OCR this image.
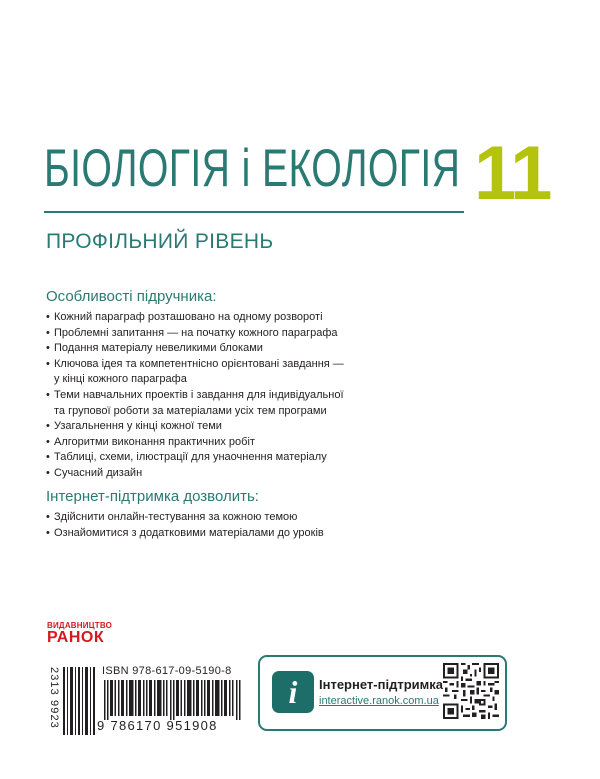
БІОЛОГІЯ і ЕКОЛОГІЯ 11
ПРОФІЛЬНИЙ РІВЕНЬ
Особливості підручника:
• Кожний параграф розташовано на одному розвороті
• Проблемні запитання — на початку кожного параграфа
• Подання матеріалу невеликими блоками
• Ключова ідея та компетентнісно орієнтовані завдання —
у кінці кожного параграфа
• Теми навчальних проектів і завдання для індивідуальної
та групової роботи за матеріалами усіх тем програми
• Узагальнення у кінці кожної теми
• Алгоритми виконання практичних робіт
• Таблиці, схеми, ілюстрації для унаочнення матеріалу
• Сучасний дизайн
Інтернет-підтримка дозволить:
• Здійснити онлайн-тестування за кожною темою
• Ознайомитися з додатковими матеріалами до уроків
ВИДАВНИЦТВО
РАНОК
2313 9923	ISBN 978-617-09-5190-8
9 786170 951908
i	Інтернет-підтримка
interactive.ranok.com.ua
